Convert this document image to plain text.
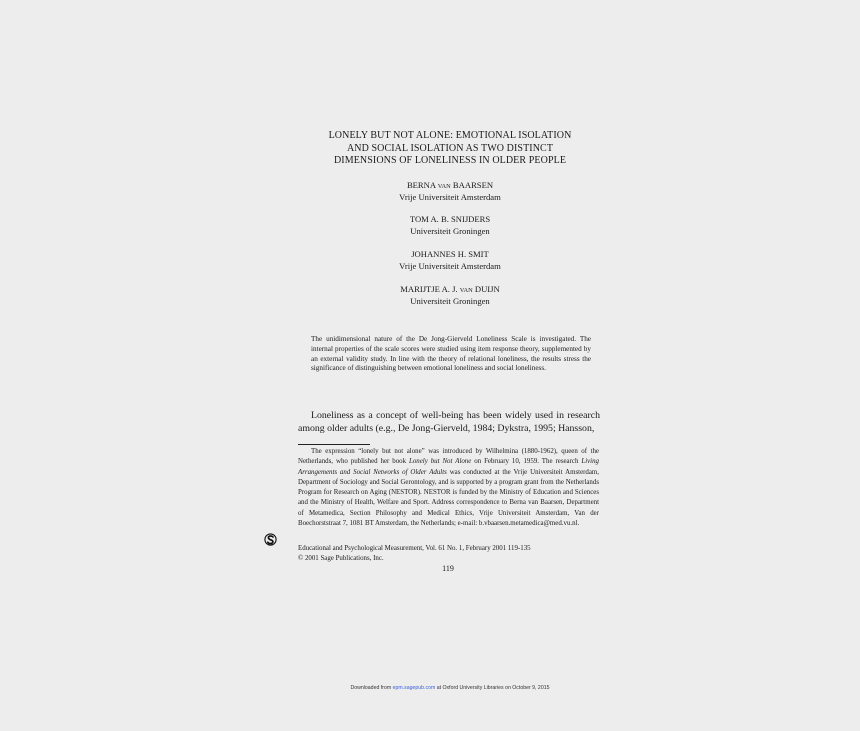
LONELY BUT NOT ALONE: EMOTIONAL ISOLATION
AND SOCIAL ISOLATION AS TWO DISTINCT
DIMENSIONS OF LONELINESS IN OLDER PEOPLE
BERNA VAN BAARSEN
Vrije Universiteit Amsterdam
TOM A. B. SNIJDERS
Universiteit Groningen
JOHANNES H. SMIT
Vrije Universiteit Amsterdam
MARIJTJE A. J. VAN DUIJN
Universiteit Groningen

The unidimensional nature of the De Jong-Gierveld Loneliness Scale is investigated. The internal properties of the scale scores were studied using item response theory, supplemented by an external validity study. In line with the theory of relational loneliness, the results stress the significance of distinguishing between emotional loneliness and social loneliness.

Loneliness as a concept of well-being has been widely used in research among older adults (e.g., De Jong-Gierveld, 1984; Dykstra, 1995; Hansson,

The expression “lonely but not alone” was introduced by Wilhelmina (1880-1962), queen of the Netherlands, who published her book Lonely but Not Alone on February 10, 1959. The research Living Arrangements and Social Networks of Older Adults was conducted at the Vrije Universiteit Amsterdam, Department of Sociology and Social Gerontology, and is supported by a program grant from the Netherlands Program for Research on Aging (NESTOR). NESTOR is funded by the Ministry of Education and Sciences and the Ministry of Health, Welfare and Sport. Address correspondence to Berna van Baarsen, Department of Metamedica, Section Philosophy and Medical Ethics, Vrije Universiteit Amsterdam, Van der Boechorststraat 7, 1081 BT Amsterdam, the Netherlands; e-mail: b.vbaarsen.metamedica@med.vu.nl.

Educational and Psychological Measurement, Vol. 61 No. 1, February 2001 119-135
© 2001 Sage Publications, Inc.
119
Downloaded from epm.sagepub.com at Oxford University Libraries on October 9, 2015
